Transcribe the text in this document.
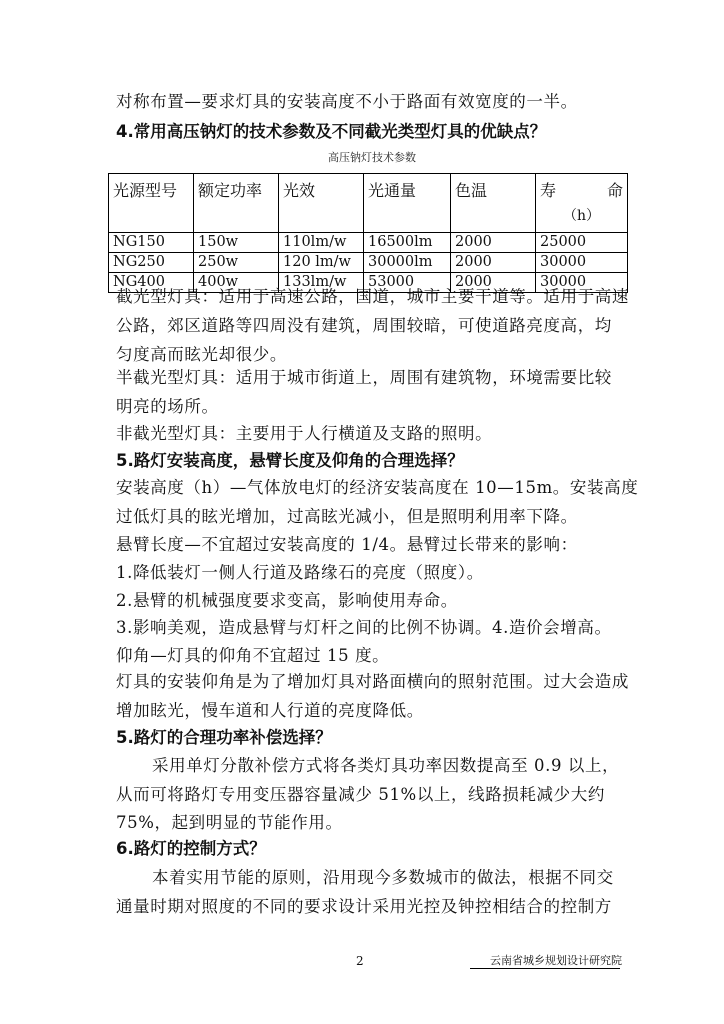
对称布置—要求灯具的安装高度不小于路面有效宽度的一半。
4.常用高压钠灯的技术参数及不同截光类型灯具的优缺点？
高压钠灯技术参数
光源型号	额定功率	光效	光通量	色温	寿 命
（h）

NG150	150w	110lm/w	16500lm	2000	25000
NG250	250w	120 lm/w	30000lm	2000	30000
NG400	400w	133lm/w	53000	2000	30000
截光型灯具：适用于高速公路，国道，城市主要干道等。适用于高速
公路，郊区道路等四周没有建筑，周围较暗，可使道路亮度高，均
匀度高而眩光却很少。
半截光型灯具：适用于城市街道上，周围有建筑物，环境需要比较
明亮的场所。
非截光型灯具：主要用于人行横道及支路的照明。
5.路灯安装高度，悬臂长度及仰角的合理选择？
安装高度（h）—气体放电灯的经济安装高度在 10—15m。安装高度
过低灯具的眩光增加，过高眩光减小，但是照明利用率下降。
悬臂长度—不宜超过安装高度的 1/4。悬臂过长带来的影响：
1.降低装灯一侧人行道及路缘石的亮度（照度）。
2.悬臂的机械强度要求变高，影响使用寿命。
3.影响美观，造成悬臂与灯杆之间的比例不协调。4.造价会增高。
仰角—灯具的仰角不宜超过 15 度。
灯具的安装仰角是为了增加灯具对路面横向的照射范围。过大会造成
增加眩光，慢车道和人行道的亮度降低。
5.路灯的合理功率补偿选择？
采用单灯分散补偿方式将各类灯具功率因数提高至 0.9 以上，
从而可将路灯专用变压器容量减少 51%以上，线路损耗减少大约
75%，起到明显的节能作用。
6.路灯的控制方式？
本着实用节能的原则，沿用现今多数城市的做法，根据不同交
通量时期对照度的不同的要求设计采用光控及钟控相结合的控制方
2	云南省城乡规划设计研究院
